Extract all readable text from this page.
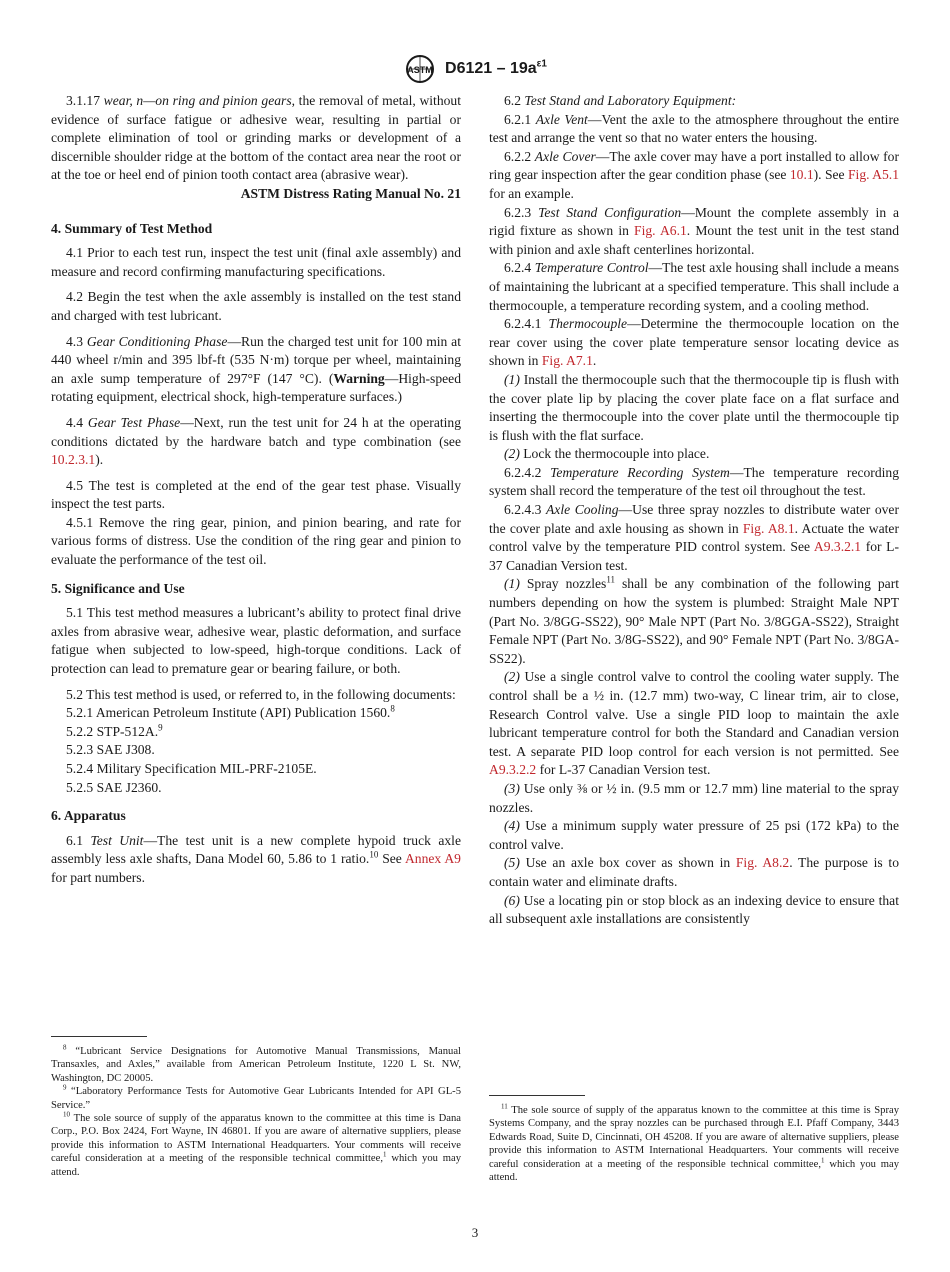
ASTM $D6121 - 19a^{\varepsilon 1}$

3.1.17 wear, n—on ring and pinion gears, the removal of metal, without evidence of surface fatigue or adhesive wear, resulting in partial or complete elimination of tool or grinding marks or development of a discernible shoulder ridge at the bottom of the contact area near the root or at the toe or heel end of pinion tooth contact area (abrasive wear).

ASTM Distress Rating Manual No. 21

4. Summary of Test Method

4.1 Prior to each test run, inspect the test unit (final axle assembly) and measure and record confirming manufacturing specifications.

4.2 Begin the test when the axle assembly is installed on the test stand and charged with test lubricant.

4.3 Gear Conditioning Phase—Run the charged test unit for 100 min at 440 wheel r/min and 395 lbf-ft (535 N·m) torque per wheel, maintaining an axle sump temperature of 297°F (147 °C). (Warning—High-speed rotating equipment, electrical shock, high-temperature surfaces.)

4.4 Gear Test Phase—Next, run the test unit for 24 h at the operating conditions dictated by the hardware batch and type combination (see 10.2.3.1).

4.5 The test is completed at the end of the gear test phase. Visually inspect the test parts.

4.5.1 Remove the ring gear, pinion, and pinion bearing, and rate for various forms of distress. Use the condition of the ring gear and pinion to evaluate the performance of the test oil.

5. Significance and Use

5.1 This test method measures a lubricant’s ability to protect final drive axles from abrasive wear, adhesive wear, plastic deformation, and surface fatigue when subjected to low-speed, high-torque conditions. Lack of protection can lead to premature gear or bearing failure, or both.

5.2 This test method is used, or referred to, in the following documents:

5.2.1 American Petroleum Institute (API) Publication 1560.$^8$

5.2.2 STP-512A.$^9$

5.2.3 SAE J308.

5.2.4 Military Specification MIL-PRF-2105E.

5.2.5 SAE J2360.

6. Apparatus

6.1 Test Unit—The test unit is a new complete hypoid truck axle assembly less axle shafts, Dana Model 60, 5.86 to 1 ratio.$^{10}$ See Annex A9 for part numbers.

$^8$ “Lubricant Service Designations for Automotive Manual Transmissions, Manual Transaxles, and Axles,” available from American Petroleum Institute, 1220 L St. NW, Washington, DC 20005.

$^9$ “Laboratory Performance Tests for Automotive Gear Lubricants Intended for API GL-5 Service.”

$^{10}$ The sole source of supply of the apparatus known to the committee at this time is Dana Corp., P.O. Box 2424, Fort Wayne, IN 46801. If you are aware of alternative suppliers, please provide this information to ASTM International Headquarters. Your comments will receive careful consideration at a meeting of the responsible technical committee,$^1$ which you may attend.

6.2 Test Stand and Laboratory Equipment:

6.2.1 Axle Vent—Vent the axle to the atmosphere throughout the entire test and arrange the vent so that no water enters the housing.

6.2.2 Axle Cover—The axle cover may have a port installed to allow for ring gear inspection after the gear condition phase (see 10.1). See Fig. A5.1 for an example.

6.2.3 Test Stand Configuration—Mount the complete assembly in a rigid fixture as shown in Fig. A6.1. Mount the test unit in the test stand with pinion and axle shaft centerlines horizontal.

6.2.4 Temperature Control—The test axle housing shall include a means of maintaining the lubricant at a specified temperature. This shall include a thermocouple, a temperature recording system, and a cooling method.

6.2.4.1 Thermocouple—Determine the thermocouple location on the rear cover using the cover plate temperature sensor locating device as shown in Fig. A7.1.

(1) Install the thermocouple such that the thermocouple tip is flush with the cover plate lip by placing the cover plate face on a flat surface and inserting the thermocouple into the cover plate until the thermocouple tip is flush with the flat surface.

(2) Lock the thermocouple into place.

6.2.4.2 Temperature Recording System—The temperature recording system shall record the temperature of the test oil throughout the test.

6.2.4.3 Axle Cooling—Use three spray nozzles to distribute water over the cover plate and axle housing as shown in Fig. A8.1. Actuate the water control valve by the temperature PID control system. See A9.3.2.1 for L-37 Canadian Version test.

(1) Spray nozzles$^{11}$ shall be any combination of the following part numbers depending on how the system is plumbed: Straight Male NPT (Part No. 3/8GG-SS22), 90° Male NPT (Part No. 3/8GGA-SS22), Straight Female NPT (Part No. 3/8G-SS22), and 90° Female NPT (Part No. 3/8GA-SS22).

(2) Use a single control valve to control the cooling water supply. The control shall be a ½ in. (12.7 mm) two-way, C linear trim, air to close, Research Control valve. Use a single PID loop to maintain the axle lubricant temperature control for both the Standard and Canadian version test. A separate PID loop control for each version is not permitted. See A9.3.2.2 for L-37 Canadian Version test.

(3) Use only ⅜ or ½ in. (9.5 mm or 12.7 mm) line material to the spray nozzles.

(4) Use a minimum supply water pressure of 25 psi (172 kPa) to the control valve.

(5) Use an axle box cover as shown in Fig. A8.2. The purpose is to contain water and eliminate drafts.

(6) Use a locating pin or stop block as an indexing device to ensure that all subsequent axle installations are consistently

$^{11}$ The sole source of supply of the apparatus known to the committee at this time is Spray Systems Company, and the spray nozzles can be purchased through E.I. Pfaff Company, 3443 Edwards Road, Suite D, Cincinnati, OH 45208. If you are aware of alternative suppliers, please provide this information to ASTM International Headquarters. Your comments will receive careful consideration at a meeting of the responsible technical committee,$^1$ which you may attend.

3
